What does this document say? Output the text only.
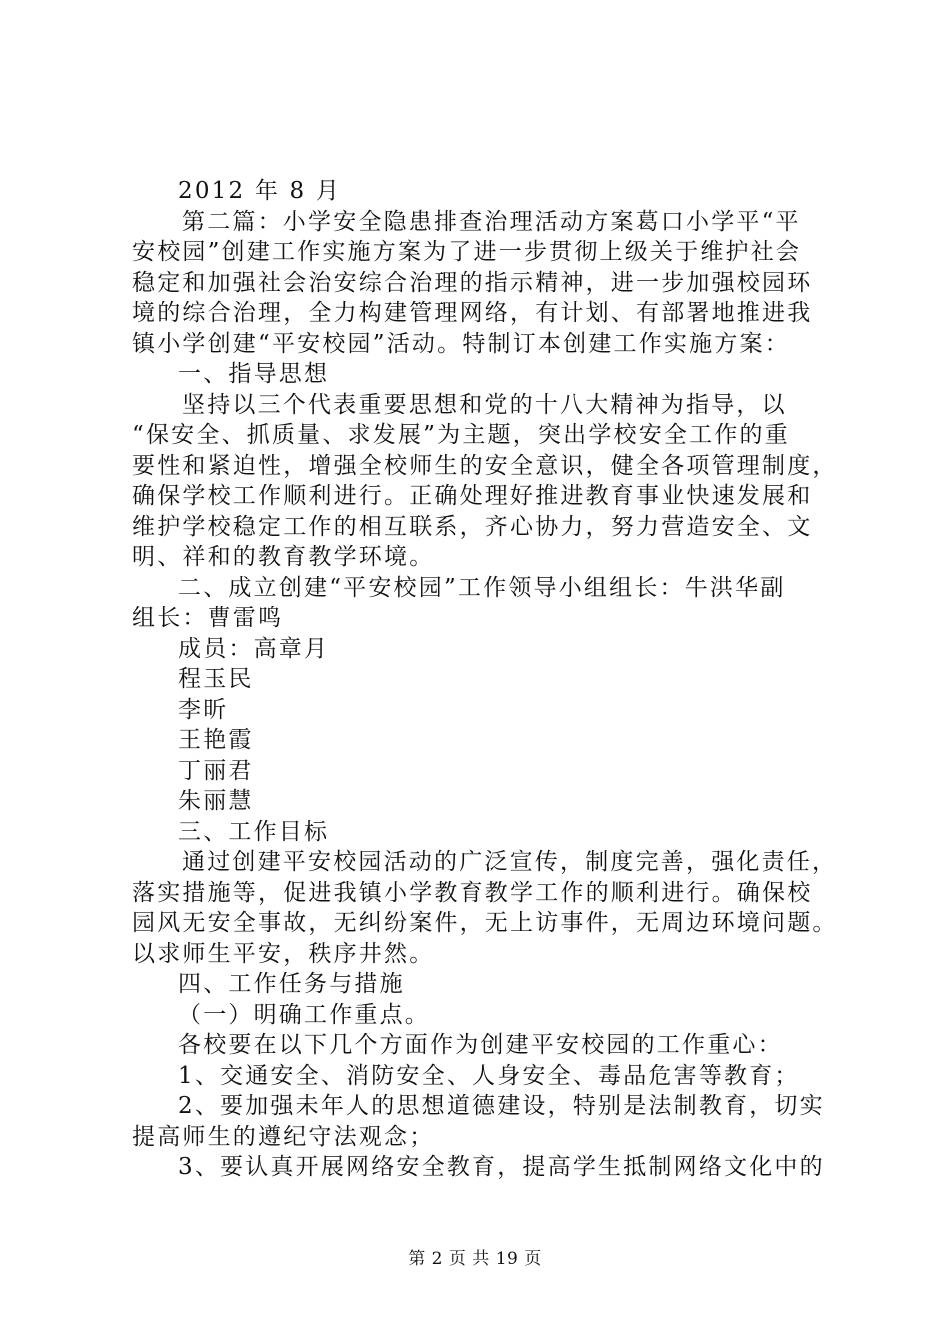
2012 年 8 月
第二篇：小学安全隐患排查治理活动方案葛口小学平“平
安校园”创建工作实施方案为了进一步贯彻上级关于维护社会
稳定和加强社会治安综合治理的指示精神，进一步加强校园环
境的综合治理，全力构建管理网络，有计划、有部署地推进我
镇小学创建“平安校园”活动。特制订本创建工作实施方案：
一、指导思想
坚持以三个代表重要思想和党的十八大精神为指导，以
“保安全、抓质量、求发展”为主题，突出学校安全工作的重
要性和紧迫性，增强全校师生的安全意识，健全各项管理制度，
确保学校工作顺利进行。正确处理好推进教育事业快速发展和
维护学校稳定工作的相互联系，齐心协力，努力营造安全、文
明、祥和的教育教学环境。
二、成立创建“平安校园”工作领导小组组长：牛洪华副
组长：曹雷鸣
成员：高章月
程玉民
李昕
王艳霞
丁丽君
朱丽慧
三、工作目标
通过创建平安校园活动的广泛宣传，制度完善，强化责任，
落实措施等，促进我镇小学教育教学工作的顺利进行。确保校
园风无安全事故，无纠纷案件，无上访事件，无周边环境问题。
以求师生平安，秩序井然。
四、工作任务与措施
（一）明确工作重点。
各校要在以下几个方面作为创建平安校园的工作重心：
1、交通安全、消防安全、人身安全、毒品危害等教育；
2、要加强未年人的思想道德建设，特别是法制教育，切实
提高师生的遵纪守法观念；
3、要认真开展网络安全教育，提高学生抵制网络文化中的
第 2 页 共 19 页
